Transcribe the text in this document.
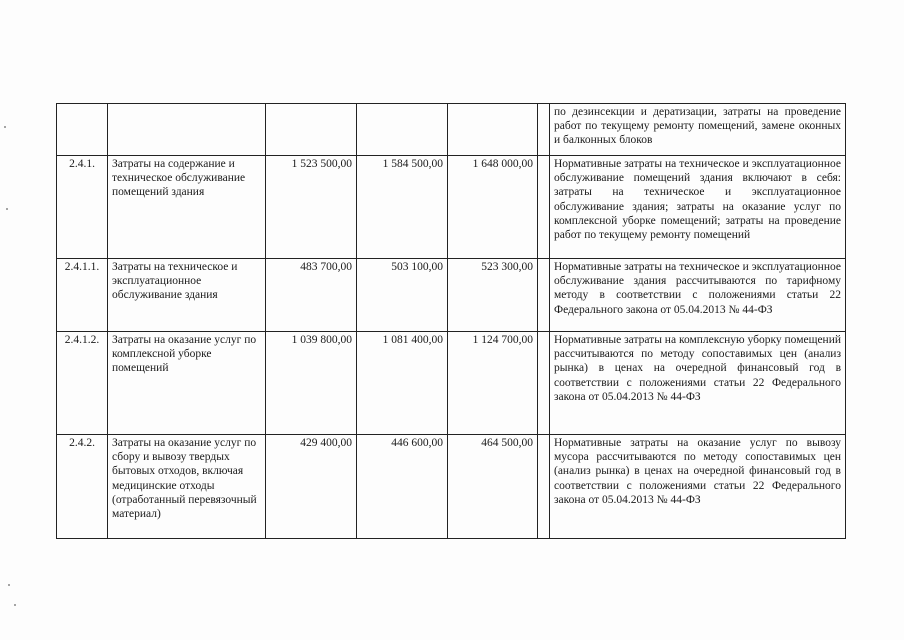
						по дезинсекции и дератизации, затраты на проведение работ по текущему ремонту помещений, замене оконных и балконных блоков
2.4.1.	Затраты на содержание и техническое обслуживание помещений здания	1 523 500,00	1 584 500,00	1 648 000,00		Нормативные затраты на техническое и эксплуатационное обслуживание помещений здания включают в себя: затраты на техническое и эксплуатационное обслуживание здания; затраты на оказание услуг по комплексной уборке помещений; затраты на проведение работ по текущему ремонту помещений
2.4.1.1.	Затраты на техническое и эксплуатационное обслуживание здания	483 700,00	503 100,00	523 300,00		Нормативные затраты на техническое и эксплуатационное обслуживание здания рассчитываются по тарифному методу в соответствии с положениями статьи 22 Федерального закона от 05.04.2013 № 44-ФЗ
2.4.1.2.	Затраты на оказание услуг по комплексной уборке помещений	1 039 800,00	1 081 400,00	1 124 700,00		Нормативные затраты на комплексную уборку помещений рассчитываются по методу сопоставимых цен (анализ рынка) в ценах на очередной финансовый год в соответствии с положениями статьи 22 Федерального закона от 05.04.2013 № 44-ФЗ
2.4.2.	Затраты на оказание услуг по сбору и вывозу твердых бытовых отходов, включая медицинские отходы (отработанный перевязочный материал)	429 400,00	446 600,00	464 500,00		Нормативные затраты на оказание услуг по вывозу мусора рассчитываются по методу сопоставимых цен (анализ рынка) в ценах на очередной финансовый год в соответствии с положениями статьи 22 Федерального закона от 05.04.2013 № 44-ФЗ
